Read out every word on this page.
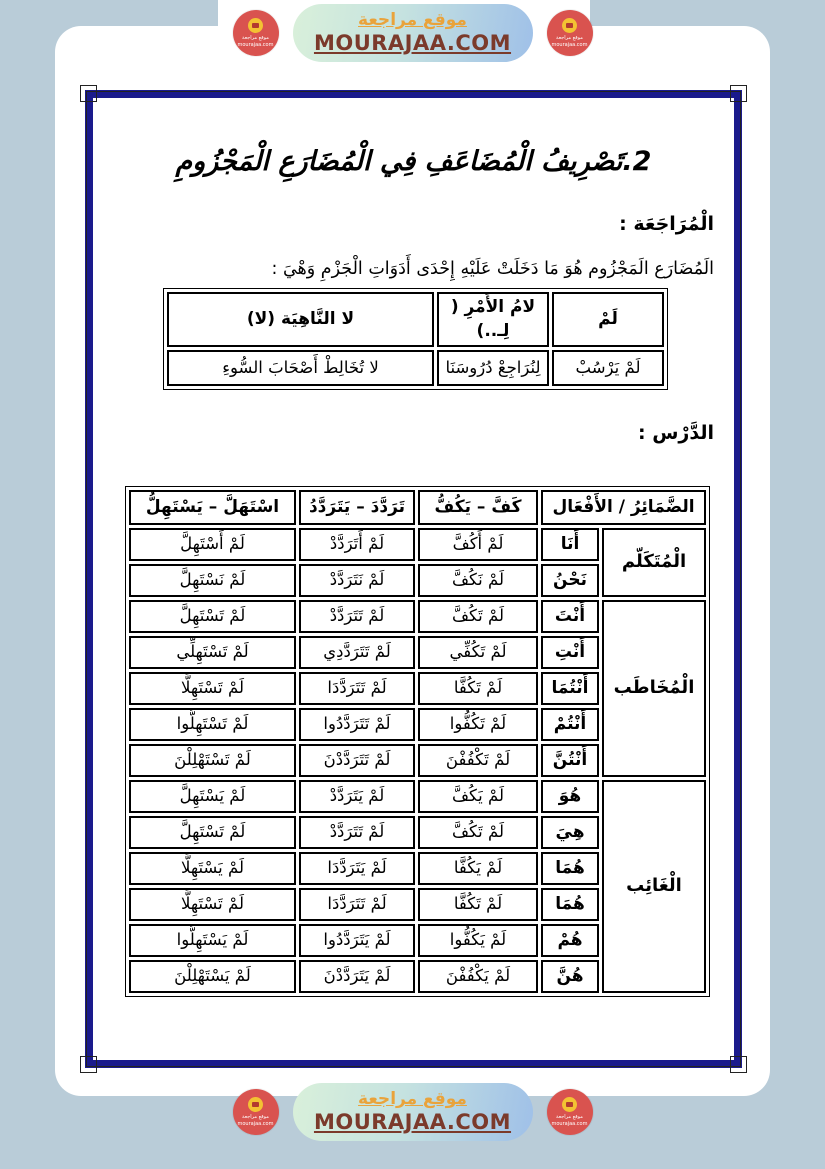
موقع مراجعة mourajaa.com
موقع مراجعة
MOURAJAA.COM	موقع مراجعة mourajaa.com
2.تَصْرِيفُ الْمُضَاعَفِ فِي الْمُضَارَعِ الْمَجْزُومِ
الْمُرَاجَعَة :
الَمُضَارَع الَمَجْزُوم هُوَ مَا دَخَلَتْ عَلَيْهِ إِحْدَى أَدَوَاتِ الْجَزْمِ وَهْيَ :
لَمْ	لامُ الأَمْرِ ( لِـ..)	لا النَّاهِيَة (لا)
لَمْ يَرْسُبْ	لِنُرَاجِعْ دُرُوسَنَا	لا تُخَالِطْ أَصْحَابَ السُّوءِ
الدَّرْس :
الضَّمَائِرُ / الأَفْعَال		كَفَّ – يَكُفُّ	تَرَدَّدَ – يَتَرَدَّدُ	اسْتَهَلَّ – يَسْتَهِلُّ
الْمُتَكَلّم	أَنَا	لَمْ أَكُفَّ	لَمْ أَتَرَدَّدْ	لَمْ أَسْتَهِلَّ
	نَحْنُ	لَمْ نَكُفَّ	لَمْ نَتَرَدَّدْ	لَمْ نَسْتَهِلَّ
الْمُخَاطَب	أَنْتَ	لَمْ تَكُفَّ	لَمْ تَتَرَدَّدْ	لَمْ تَسْتَهِلَّ
	أَنْتِ	لَمْ تَكُفِّي	لَمْ تَتَرَدَّدِي	لَمْ تَسْتَهِلِّي
	أَنْتُمَا	لَمْ تَكُفَّا	لَمْ تَتَرَدَّدَا	لَمْ تَسْتَهِلَّا
	أَنْتُمْ	لَمْ تَكُفُّوا	لَمْ تَتَرَدَّدُوا	لَمْ تَسْتَهِلُّوا
	أَنْتُنَّ	لَمْ تَكْفُفْنَ	لَمْ تَتَرَدَّدْنَ	لَمْ تَسْتَهْلِلْنَ
الْغَائِب	هُوَ	لَمْ يَكُفَّ	لَمْ يَتَرَدَّدْ	لَمْ يَسْتَهِلَّ
	هِيَ	لَمْ تَكُفَّ	لَمْ تَتَرَدَّدْ	لَمْ تَسْتَهِلَّ
	هُمَا	لَمْ يَكُفَّا	لَمْ يَتَرَدَّدَا	لَمْ يَسْتَهِلَّا
	هُمَا	لَمْ تَكُفَّا	لَمْ تَتَرَدَّدَا	لَمْ تَسْتَهِلَّا
	هُمْ	لَمْ يَكُفُّوا	لَمْ يَتَرَدَّدُوا	لَمْ يَسْتَهِلُّوا
	هُنَّ	لَمْ يَكْفُفْنَ	لَمْ يَتَرَدَّدْنَ	لَمْ يَسْتَهْلِلْنَ
موقع مراجعة mourajaa.com
موقع مراجعة
MOURAJAA.COM	موقع مراجعة mourajaa.com
